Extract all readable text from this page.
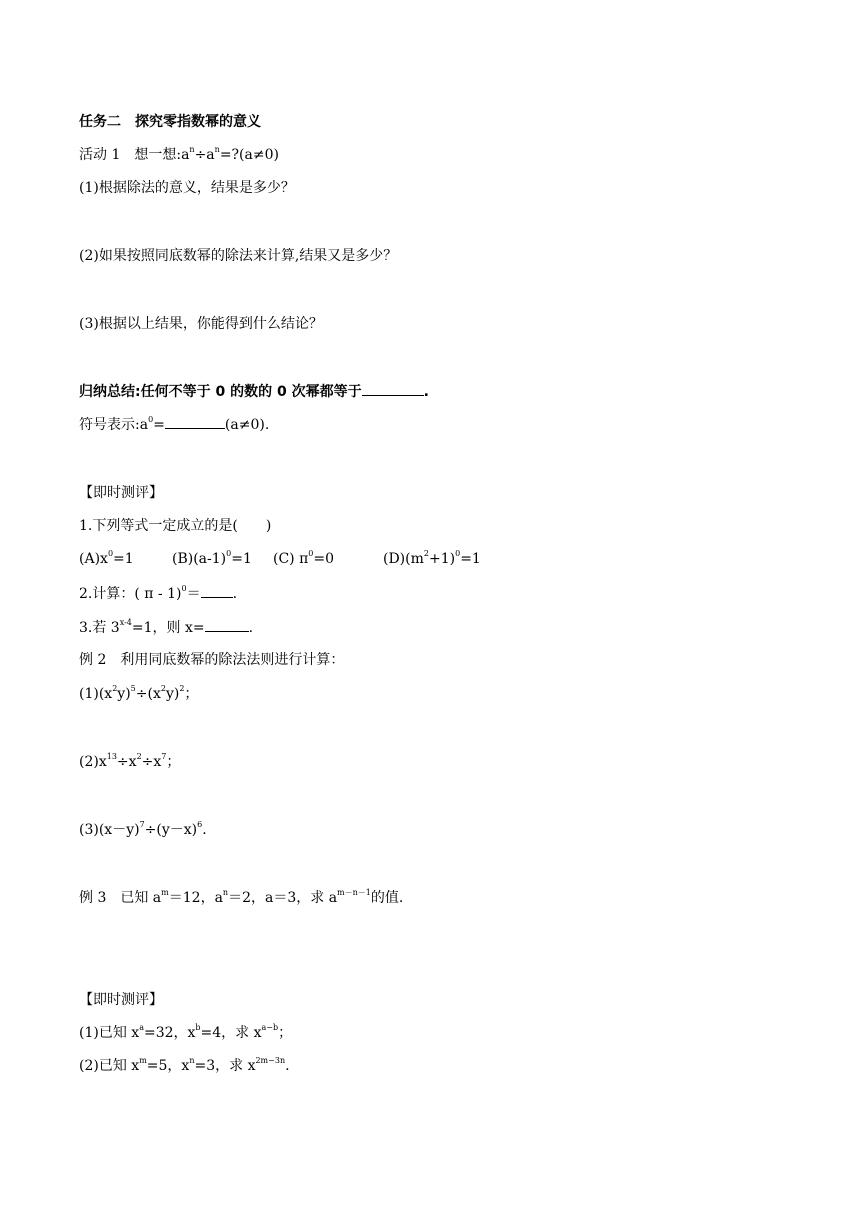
任务二　探究零指数幂的意义
活动 1　想一想$:a^n\div a^n=?(a\ne 0)$
(1)根据除法的意义，结果是多少？
(2)如果按照同底数幂的除法来计算,结果又是多少？
(3)根据以上结果，你能得到什么结论？
归纳总结:任何不等于 0 的数的 0 次幂都等于	.
符号表示$:a^0=$	(a≠0).
【即时测评】
1.下列等式一定成立的是(　　)
$(A)x^0=1$	$(B)(a-1)^0=1$ (C) $\pi^0=0$	$(D)(m^2+1)^0=1$
2.计算：( π - 1)$^0$＝ .
3.若 $3^{x-4}=1$，则 x=	.
例 2　利用同底数幂的除法法则进行计算：
$(1)(x^2y)^5\div(x^2y)^2$；
$(2)x^{13}\div x^2\div x^7$；
$(3)(x-y)^7\div(y-x)^6$.
例 3　已知 $a^m=12$，$a^n=2$，a＝3，求 $a^{m-n-1}$的值.
【即时测评】
(1)已知 $x^a=32$，$x^b=4$，求 $x^{a-b}$；
(2)已知 $x^m=5$，$x^n=3$，求 $x^{2m-3n}$.
